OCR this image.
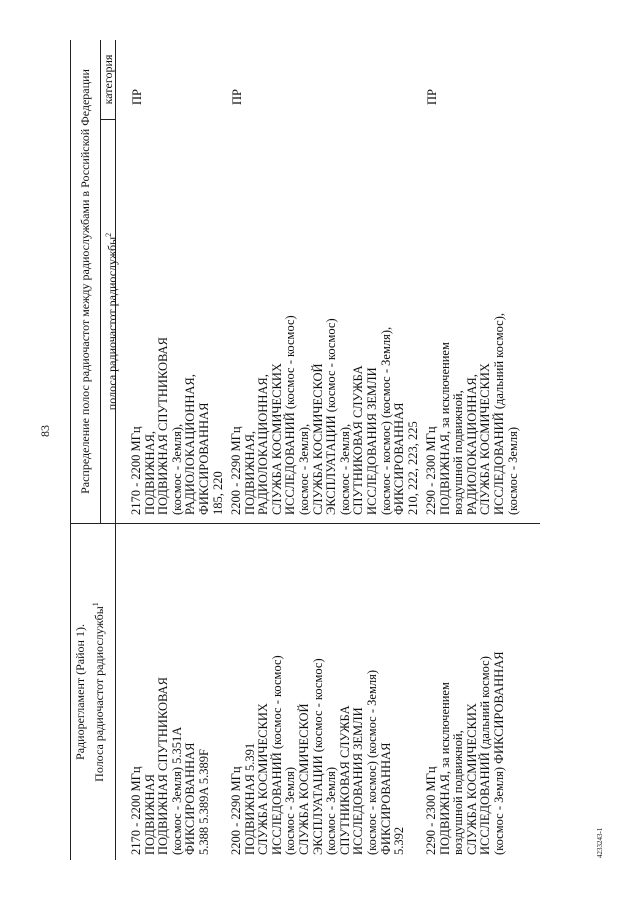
83
Радиорегламент (Район 1). Полоса радиочастот радиослужбы$^1$
Распределение полос радиочастот между радиослужбами в Российской Федерации	полоса радиочастот радиослужбы$^2$
категория
2170 - 2200 МГц
ПОДВИЖНАЯ
ПОДВИЖНАЯ СПУТНИКОВАЯ
(космос - Земля) 5.351A
ФИКСИРОВАННАЯ
5.388 5.389A 5.389F
2170 - 2200 МГц
ПОДВИЖНАЯ,
ПОДВИЖНАЯ СПУТНИКОВАЯ
(космос - Земля),
РАДИОЛОКАЦИОННАЯ,
ФИКСИРОВАННАЯ
185, 220
ПР
2200 - 2290 МГц
ПОДВИЖНАЯ 5.391
СЛУЖБА КОСМИЧЕСКИХ
ИССЛЕДОВАНИЙ (космос - космос)
(космос - Земля)
СЛУЖБА КОСМИЧЕСКОЙ
ЭКСПЛУАТАЦИИ (космос - космос)
(космос - Земля)
СПУТНИКОВАЯ СЛУЖБА
ИССЛЕДОВАНИЯ ЗЕМЛИ
(космос - космос) (космос - Земля)
ФИКСИРОВАННАЯ
5.392
2200 - 2290 МГц
ПОДВИЖНАЯ,
РАДИОЛОКАЦИОННАЯ,
СЛУЖБА КОСМИЧЕСКИХ
ИССЛЕДОВАНИЙ (космос - космос)
(космос - Земля),
СЛУЖБА КОСМИЧЕСКОЙ
ЭКСПЛУАТАЦИИ (космос - космос)
(космос - Земля),
СПУТНИКОВАЯ СЛУЖБА
ИССЛЕДОВАНИЯ ЗЕМЛИ
(космос - космос) (космос - Земля),
ФИКСИРОВАННАЯ
210, 222, 223, 225
ПР
2290 - 2300 МГц
ПОДВИЖНАЯ, за исключением
воздушной подвижной,
СЛУЖБА КОСМИЧЕСКИХ
ИССЛЕДОВАНИЙ (дальний космос)
(космос - Земля) ФИКСИРОВАННАЯ
2290 - 2300 МГц
ПОДВИЖНАЯ, за исключением
воздушной подвижной,
РАДИОЛОКАЦИОННАЯ,
СЛУЖБА КОСМИЧЕСКИХ
ИССЛЕДОВАНИЙ (дальний космос),
(космос - Земля)
ПР
4233243-1
